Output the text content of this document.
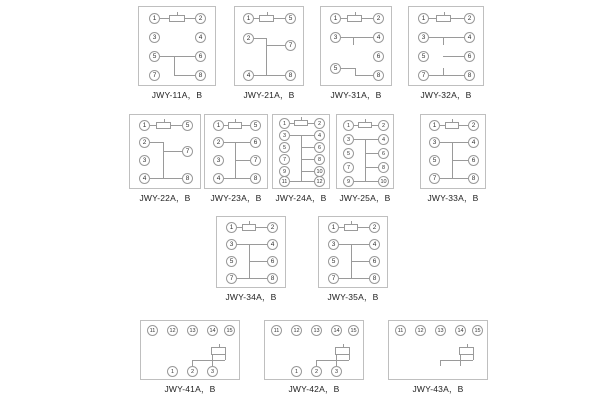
1
3
5
7
2
4
6
8
JWY-11A，B
1
2
4
5
7
8
JWY-21A，B
1
3
5
2
4
6
8
JWY-31A，B
1
3
5
7
2
4
6
8
JWY-32A，B
1
2
3
4
5
7
8
JWY-22A，B
1
2
3
4
5
6
7
8
JWY-23A，B
1
3
5
7
9
11
2
4
6
8
10
12
JWY-24A，B
1
3
5
7
9
2
4
6
8
10
JWY-25A，B
1
3
5
7
2
4
6
8
JWY-33A，B
1
3
5
7
2
4
6
8
JWY-34A，B
1
3
5
7
2
4
6
8
JWY-35A，B
11	12	13	14	15
1	2	3
JWY-41A，B
11	12	13	14	15
1	2	3
JWY-42A，B
11	12	13	14	15
JWY-43A，B
